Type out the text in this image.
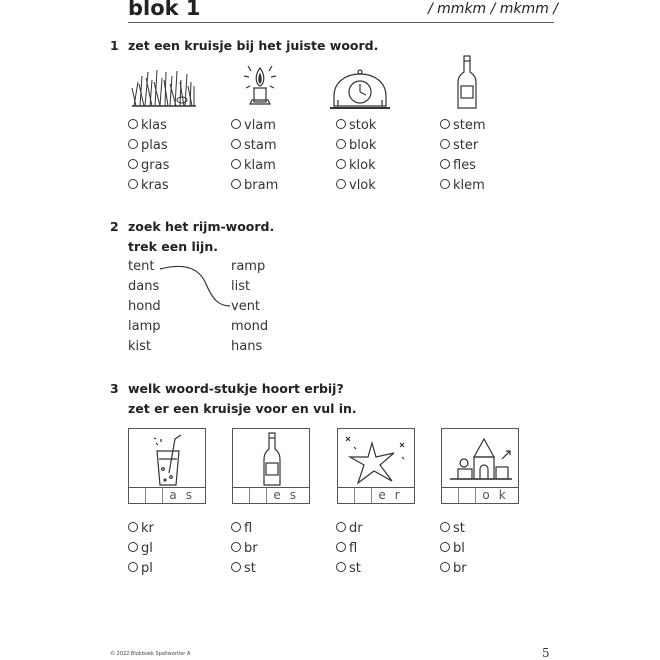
blok 1	/ mmkm / mkmm /
1 zet een kruisje bij het juiste woord.
klas
plas
gras
kras
vlam
stam
klam
bram
stok
blok
klok
vlok
stem
ster
fles
klem
2 zoek het rijm-woord.
trek een lijn.
tent
dans
hond
lamp
kist
ramp
list
vent
mond
hans
3 welk woord-stukje hoort erbij?
zet er een kruisje voor en vul in.
as	es	er	ok
kr
gl
pl
fl
br
st
dr
fl
st
st
bl
br
© 2022 Blokboek Spellwortier A	5
